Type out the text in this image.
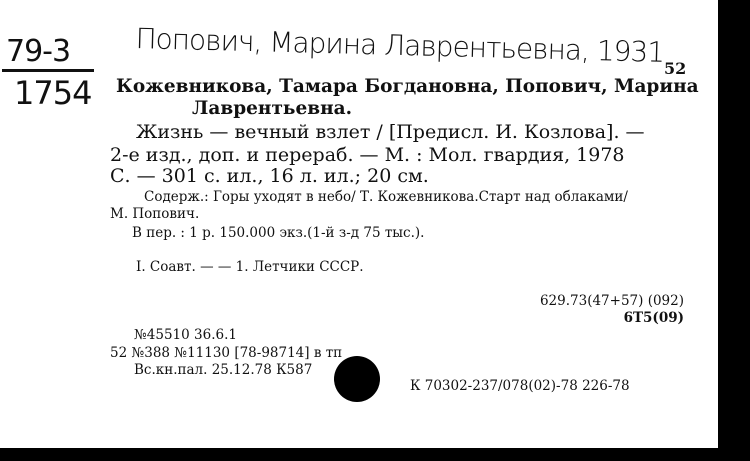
79-3
1754
Попович, Марина Лаврентьевна, 1931 52
Кожевникова, Тамара Богдановна, Попович, Марина
Лаврентьевна.
Жизнь — вечный взлет / [Предисл. И. Козлова]. —
2-е изд., доп. и перераб. — М. : Мол. гвардия, 1978
С. — 301 с. ил., 16 л. ил.; 20 см.
Содерж.: Горы уходят в небо/ Т. Кожевникова.Старт над облаками/
М. Попович.
В пер. : 1 р. 150.000 экз.(1-й з-д 75 тыс.).
I. Соавт. — — 1. Летчики СССР.
629.73(47+57) (092)
6Т5(09)
№45510 36.6.1
52 №388 №11130 [78-98714] в тп
Вс.кн.пал. 25.12.78 К587
К 70302-237/078(02)-78 226-78
